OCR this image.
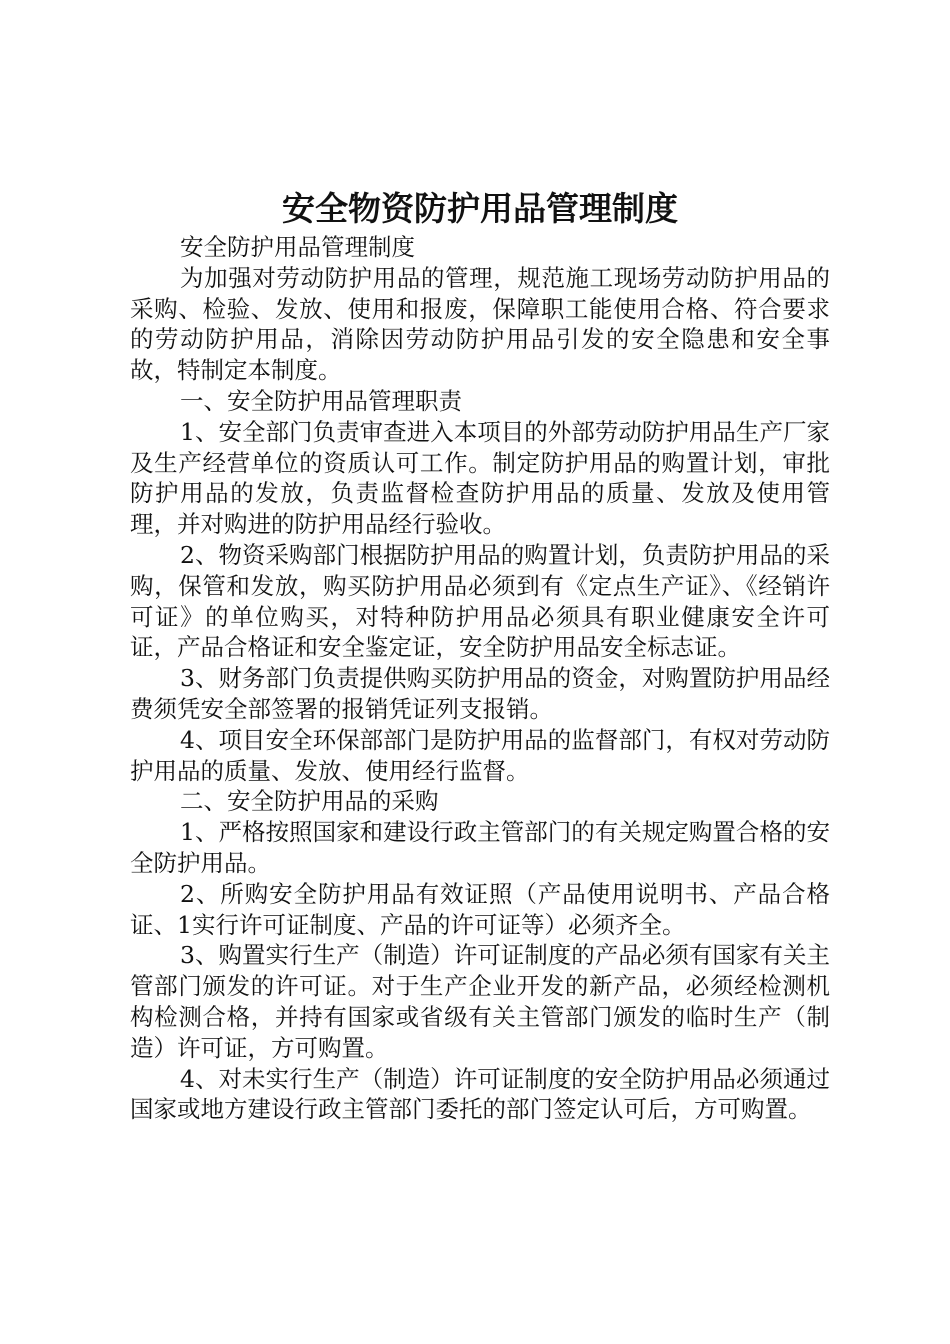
安全物资防护用品管理制度

安全防护用品管理制度

为加强对劳动防护用品的管理，规范施工现场劳动防护用品的采购、检验、发放、使用和报废，保障职工能使用合格、符合要求的劳动防护用品，消除因劳动防护用品引发的安全隐患和安全事故，特制定本制度。

一、安全防护用品管理职责

1、安全部门负责审查进入本项目的外部劳动防护用品生产厂家及生产经营单位的资质认可工作。制定防护用品的购置计划，审批防护用品的发放，负责监督检查防护用品的质量、发放及使用管理，并对购进的防护用品经行验收。

2、物资采购部门根据防护用品的购置计划，负责防护用品的采购，保管和发放，购买防护用品必须到有《定点生产证》、《经销许可证》的单位购买，对特种防护用品必须具有职业健康安全许可证，产品合格证和安全鉴定证，安全防护用品安全标志证。

3、财务部门负责提供购买防护用品的资金，对购置防护用品经费须凭安全部签署的报销凭证列支报销。

4、项目安全环保部部门是防护用品的监督部门，有权对劳动防护用品的质量、发放、使用经行监督。

二、安全防护用品的采购

1、严格按照国家和建设行政主管部门的有关规定购置合格的安全防护用品。

2、所购安全防护用品有效证照（产品使用说明书、产品合格证、1实行许可证制度、产品的许可证等）必须齐全。

3、购置实行生产（制造）许可证制度的产品必须有国家有关主管部门颁发的许可证。对于生产企业开发的新产品，必须经检测机构检测合格，并持有国家或省级有关主管部门颁发的临时生产（制造）许可证，方可购置。

4、对未实行生产（制造）许可证制度的安全防护用品必须通过国家或地方建设行政主管部门委托的部门签定认可后，方可购置。
